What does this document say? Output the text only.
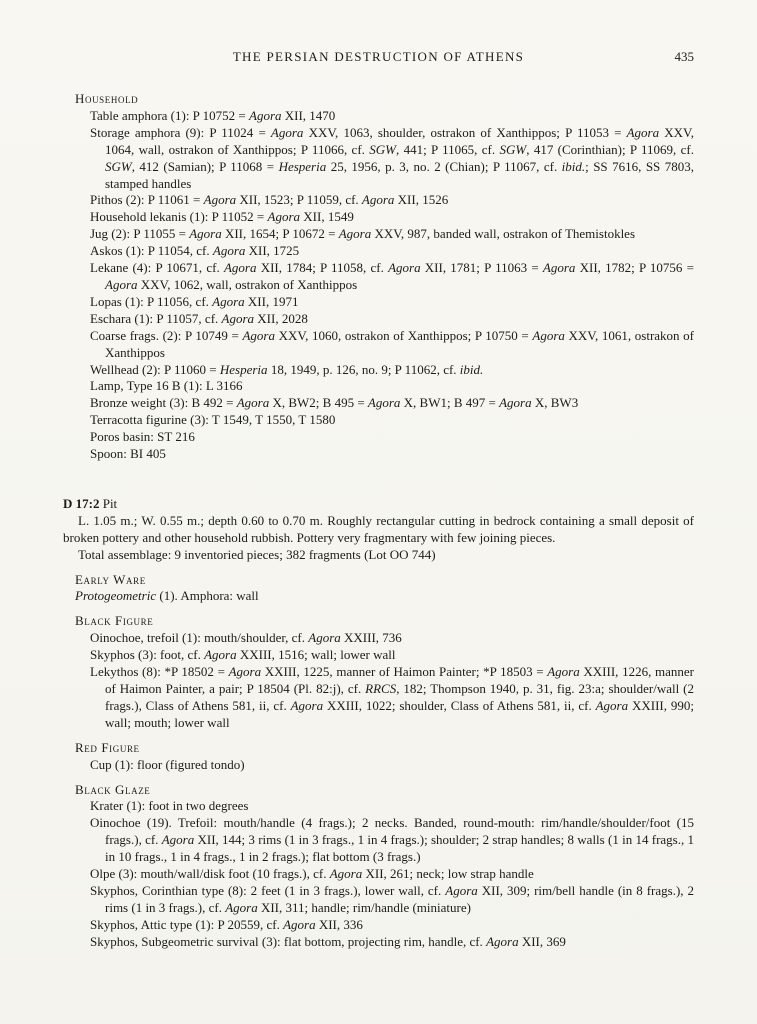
THE PERSIAN DESTRUCTION OF ATHENS	435
Household
Table amphora (1): P 10752 = Agora XII, 1470
Storage amphora (9): P 11024 = Agora XXV, 1063, shoulder, ostrakon of Xanthippos; P 11053 = Agora XXV, 1064, wall, ostrakon of Xanthippos; P 11066, cf. SGW, 441; P 11065, cf. SGW, 417 (Corinthian); P 11069, cf. SGW, 412 (Samian); P 11068 = Hesperia 25, 1956, p. 3, no. 2 (Chian); P 11067, cf. ibid.; SS 7616, SS 7803, stamped handles
Pithos (2): P 11061 = Agora XII, 1523; P 11059, cf. Agora XII, 1526
Household lekanis (1): P 11052 = Agora XII, 1549
Jug (2): P 11055 = Agora XII, 1654; P 10672 = Agora XXV, 987, banded wall, ostrakon of Themistokles
Askos (1): P 11054, cf. Agora XII, 1725
Lekane (4): P 10671, cf. Agora XII, 1784; P 11058, cf. Agora XII, 1781; P 11063 = Agora XII, 1782; P 10756 = Agora XXV, 1062, wall, ostrakon of Xanthippos
Lopas (1): P 11056, cf. Agora XII, 1971
Eschara (1): P 11057, cf. Agora XII, 2028
Coarse frags. (2): P 10749 = Agora XXV, 1060, ostrakon of Xanthippos; P 10750 = Agora XXV, 1061, ostrakon of Xanthippos
Wellhead (2): P 11060 = Hesperia 18, 1949, p. 126, no. 9; P 11062, cf. ibid.
Lamp, Type 16 B (1): L 3166
Bronze weight (3): B 492 = Agora X, BW2; B 495 = Agora X, BW1; B 497 = Agora X, BW3
Terracotta figurine (3): T 1549, T 1550, T 1580
Poros basin: ST 216
Spoon: BI 405
D 17:2 Pit

L. 1.05 m.; W. 0.55 m.; depth 0.60 to 0.70 m. Roughly rectangular cutting in bedrock containing a small deposit of broken pottery and other household rubbish. Pottery very fragmentary with few joining pieces.

Total assemblage: 9 inventoried pieces; 382 fragments (Lot OO 744)
Early Ware
Protogeometric (1). Amphora: wall
Black Figure
Oinochoe, trefoil (1): mouth/shoulder, cf. Agora XXIII, 736
Skyphos (3): foot, cf. Agora XXIII, 1516; wall; lower wall
Lekythos (8): *P 18502 = Agora XXIII, 1225, manner of Haimon Painter; *P 18503 = Agora XXIII, 1226, manner of Haimon Painter, a pair; P 18504 (Pl. 82:j), cf. RRCS, 182; Thompson 1940, p. 31, fig. 23:a; shoulder/wall (2 frags.), Class of Athens 581, ii, cf. Agora XXIII, 1022; shoulder, Class of Athens 581, ii, cf. Agora XXIII, 990; wall; mouth; lower wall
Red Figure
Cup (1): floor (figured tondo)
Black Glaze
Krater (1): foot in two degrees
Oinochoe (19). Trefoil: mouth/handle (4 frags.); 2 necks. Banded, round-mouth: rim/handle/shoulder/foot (15 frags.), cf. Agora XII, 144; 3 rims (1 in 3 frags., 1 in 4 frags.); shoulder; 2 strap handles; 8 walls (1 in 14 frags., 1 in 10 frags., 1 in 4 frags., 1 in 2 frags.); flat bottom (3 frags.)
Olpe (3): mouth/wall/disk foot (10 frags.), cf. Agora XII, 261; neck; low strap handle
Skyphos, Corinthian type (8): 2 feet (1 in 3 frags.), lower wall, cf. Agora XII, 309; rim/bell handle (in 8 frags.), 2 rims (1 in 3 frags.), cf. Agora XII, 311; handle; rim/handle (miniature)
Skyphos, Attic type (1): P 20559, cf. Agora XII, 336
Skyphos, Subgeometric survival (3): flat bottom, projecting rim, handle, cf. Agora XII, 369
